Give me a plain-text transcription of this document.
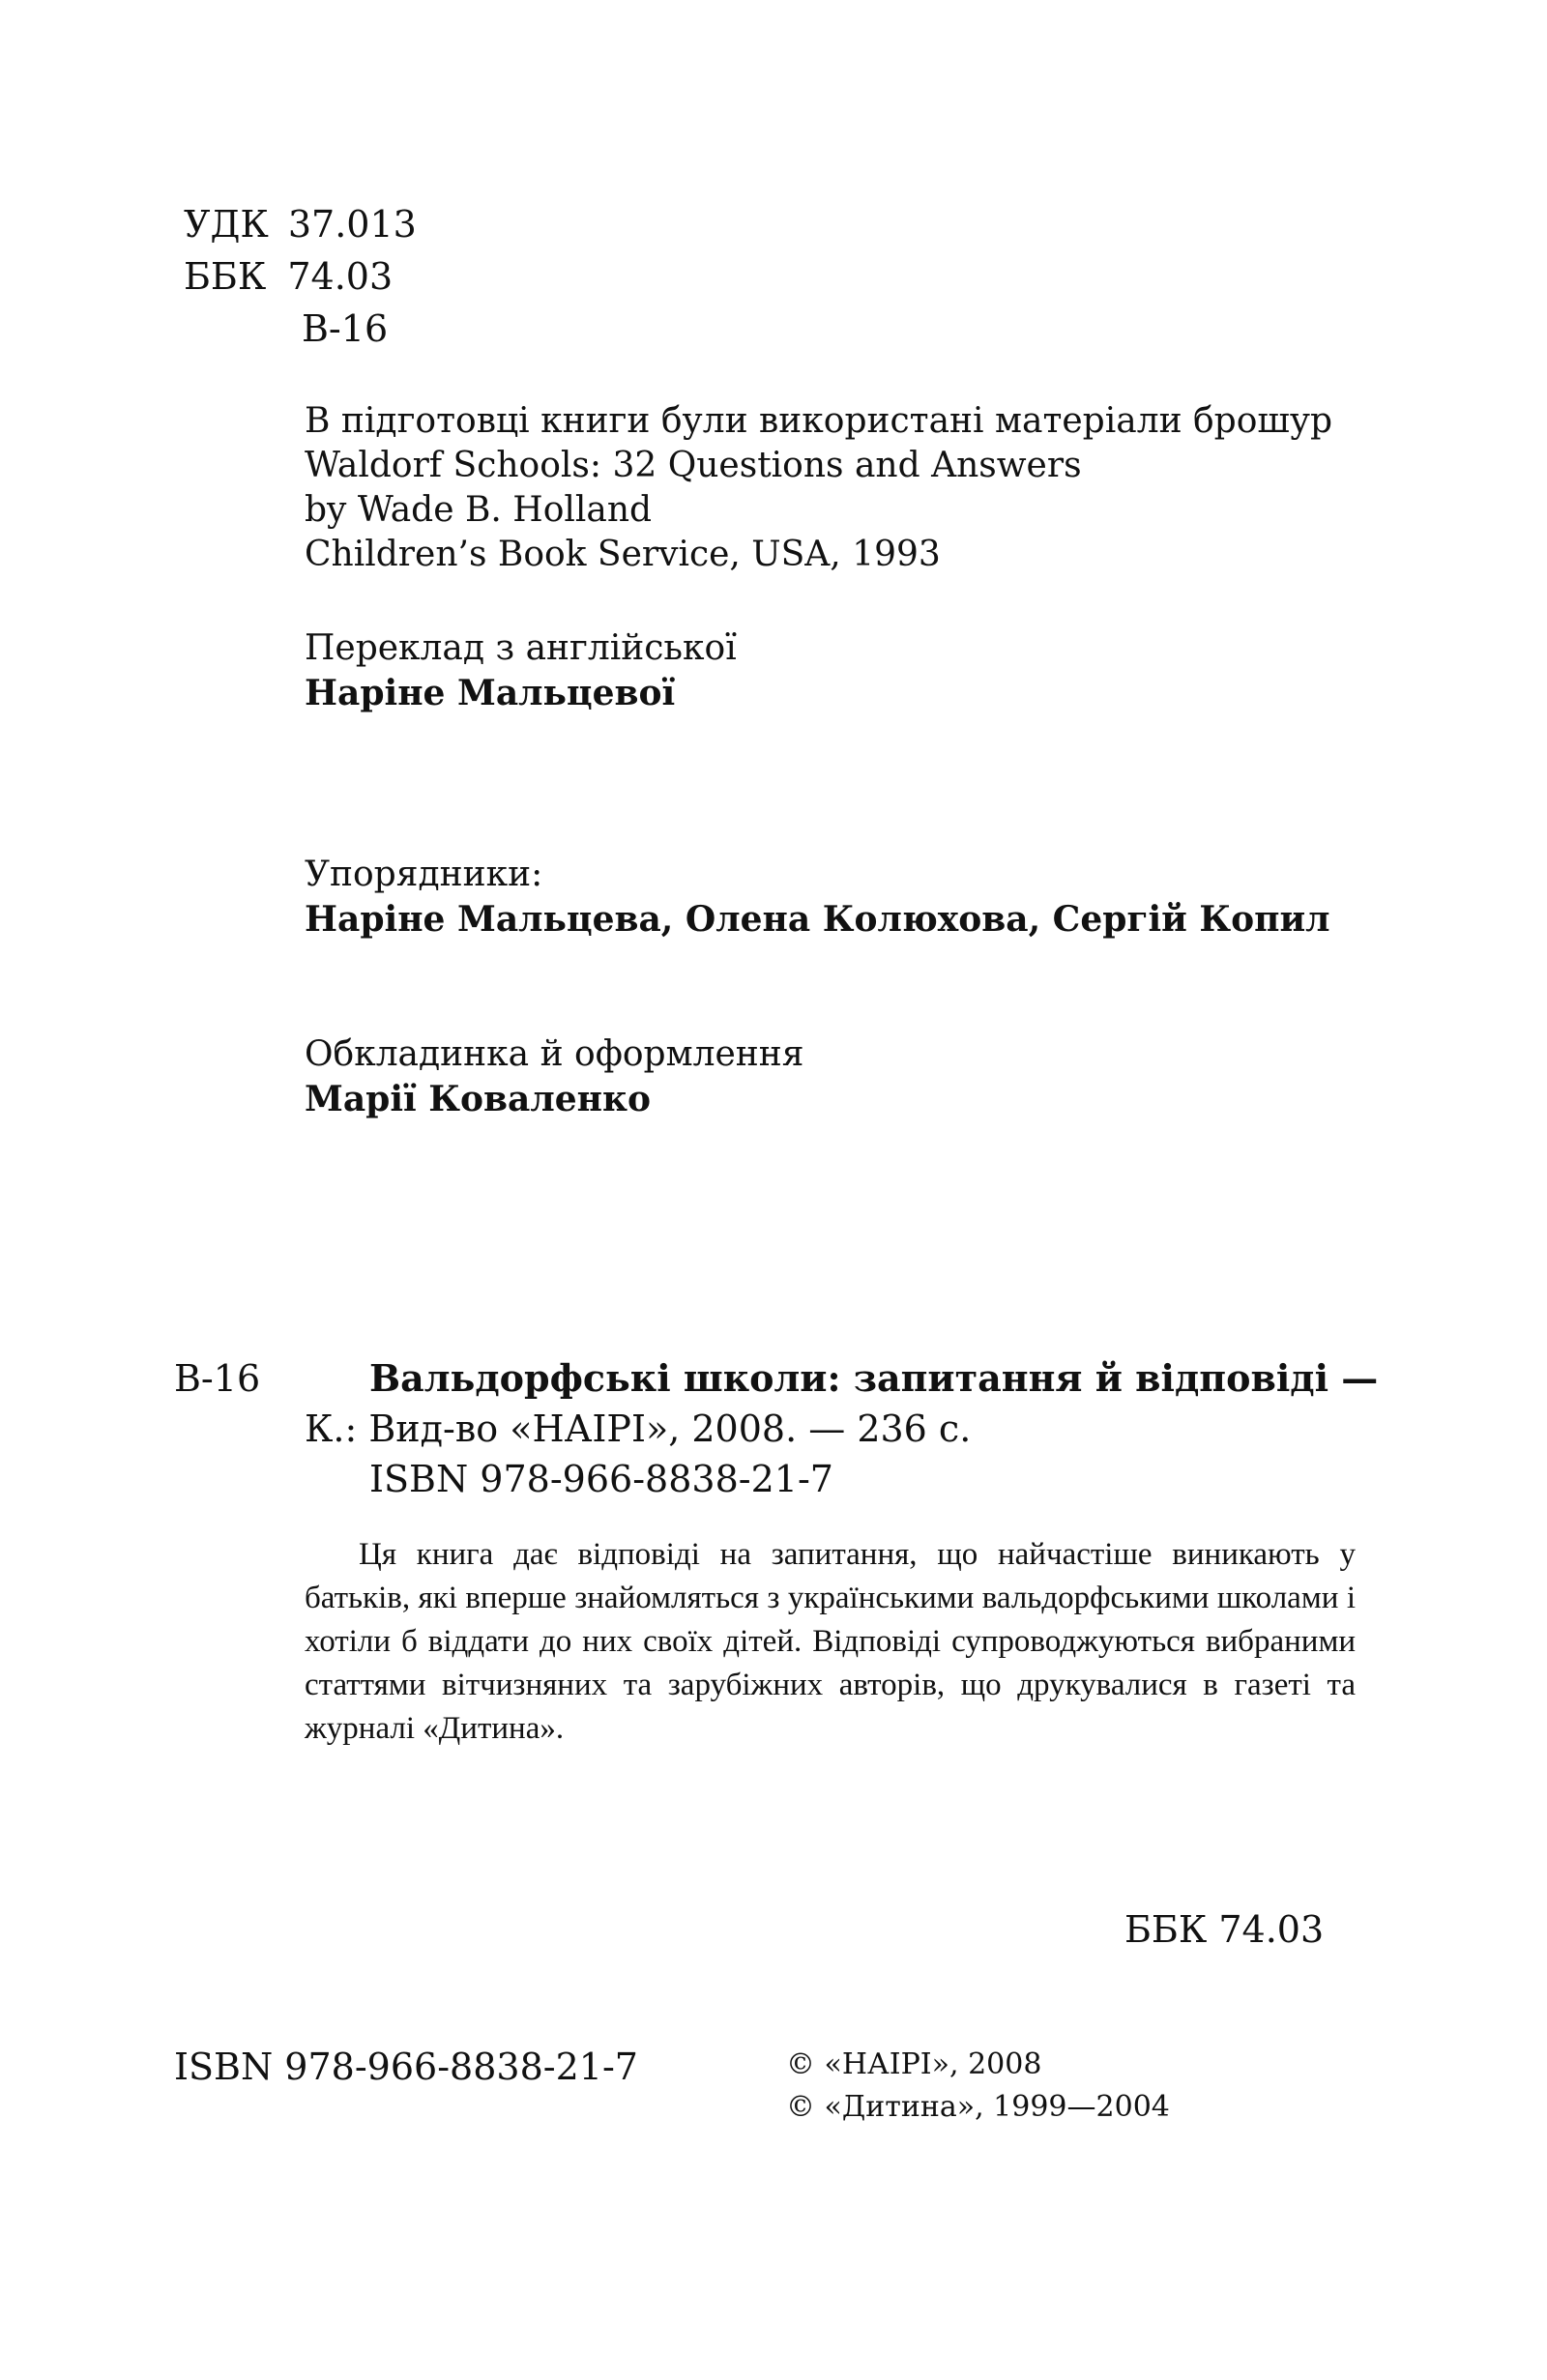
УДК 37.013
ББК 74.03
В-16
В підготовці книги були використані матеріали брошур
Waldorf Schools: 32 Questions and Answers
by Wade B. Holland
Children’s Book Service, USA, 1993
Переклад з англійської
Наріне Мальцевої
Упорядники:
Наріне Мальцева, Олена Колюхова, Сергій Копил
Обкладинка й оформлення
Марії Коваленко
В-16	Вальдорфські школи: запитання й відповіді —
К.: Вид-во «НАІРІ», 2008. — 236 с.
ISBN 978-966-8838-21-7
Ця книга дає відповіді на запитання, що найчастіше виникають у батьків, які вперше знайомляться з українськими вальдорфськими школами і хотіли б віддати до них своїх дітей. Відповіді супроводжуються вибраними статтями вітчизняних та зарубіжних авторів, що друкувалися в газеті та журналі «Дитина».
ББК 74.03
ISBN 978-966-8838-21-7	© «НАІРІ», 2008
© «Дитина», 1999—2004
